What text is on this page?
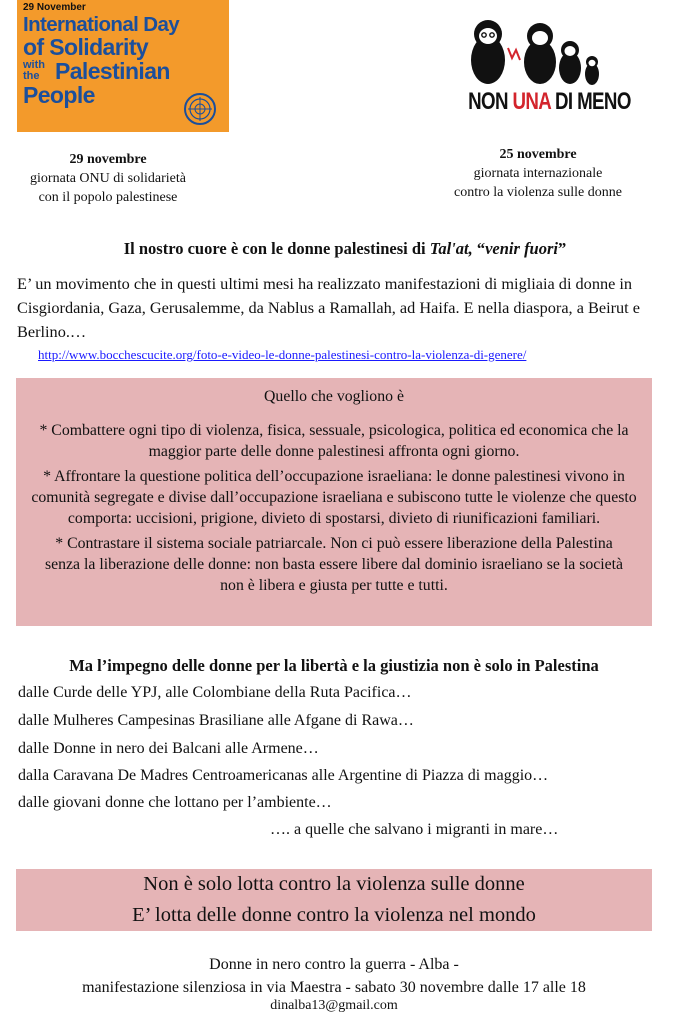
29 November
International Day
of Solidarity
with the Palestinian
People	NON UNA DI MENO
29 novembre
giornata ONU di solidarietà
con il popolo palestinese
25 novembre
giornata internazionale
contro la violenza sulle donne
Il nostro cuore è con le donne palestinesi di Tal'at, “venir fuori”
E’ un movimento che in questi ultimi mesi ha realizzato manifestazioni di migliaia di donne in Cisgiordania, Gaza, Gerusalemme, da Nablus a Ramallah, ad Haifa. E nella diaspora, a Beirut e Berlino.…
http://www.bocchescucite.org/foto-e-video-le-donne-palestinesi-contro-la-violenza-di-genere/
Quello che vogliono è
* Combattere ogni tipo di violenza, fisica, sessuale, psicologica, politica ed economica che la maggior parte delle donne palestinesi affronta ogni giorno.
* Affrontare la questione politica dell’occupazione israeliana: le donne palestinesi vivono in comunità segregate e divise dall’occupazione israeliana e subiscono tutte le violenze che questo comporta: uccisioni, prigione, divieto di spostarsi, divieto di riunificazioni familiari.
* Contrastare il sistema sociale patriarcale. Non ci può essere liberazione della Palestina senza la liberazione delle donne: non basta essere libere dal dominio israeliano se la società non è libera e giusta per tutte e tutti.
Ma l’impegno delle donne per la libertà e la giustizia non è solo in Palestina
dalle Curde delle YPJ, alle Colombiane della Ruta Pacifica…
dalle Mulheres Campesinas Brasiliane alle Afgane di Rawa…
dalle Donne in nero dei Balcani alle Armene…
dalla Caravana De Madres Centroamericanas alle Argentine di Piazza di maggio…
dalle giovani donne che lottano per l’ambiente…
…. a quelle che salvano i migranti in mare…
Non è solo lotta contro la violenza sulle donne
E’ lotta delle donne contro la violenza nel mondo
Donne in nero contro la guerra - Alba -
manifestazione silenziosa in via Maestra - sabato 30 novembre dalle 17 alle 18
dinalba13@gmail.com
